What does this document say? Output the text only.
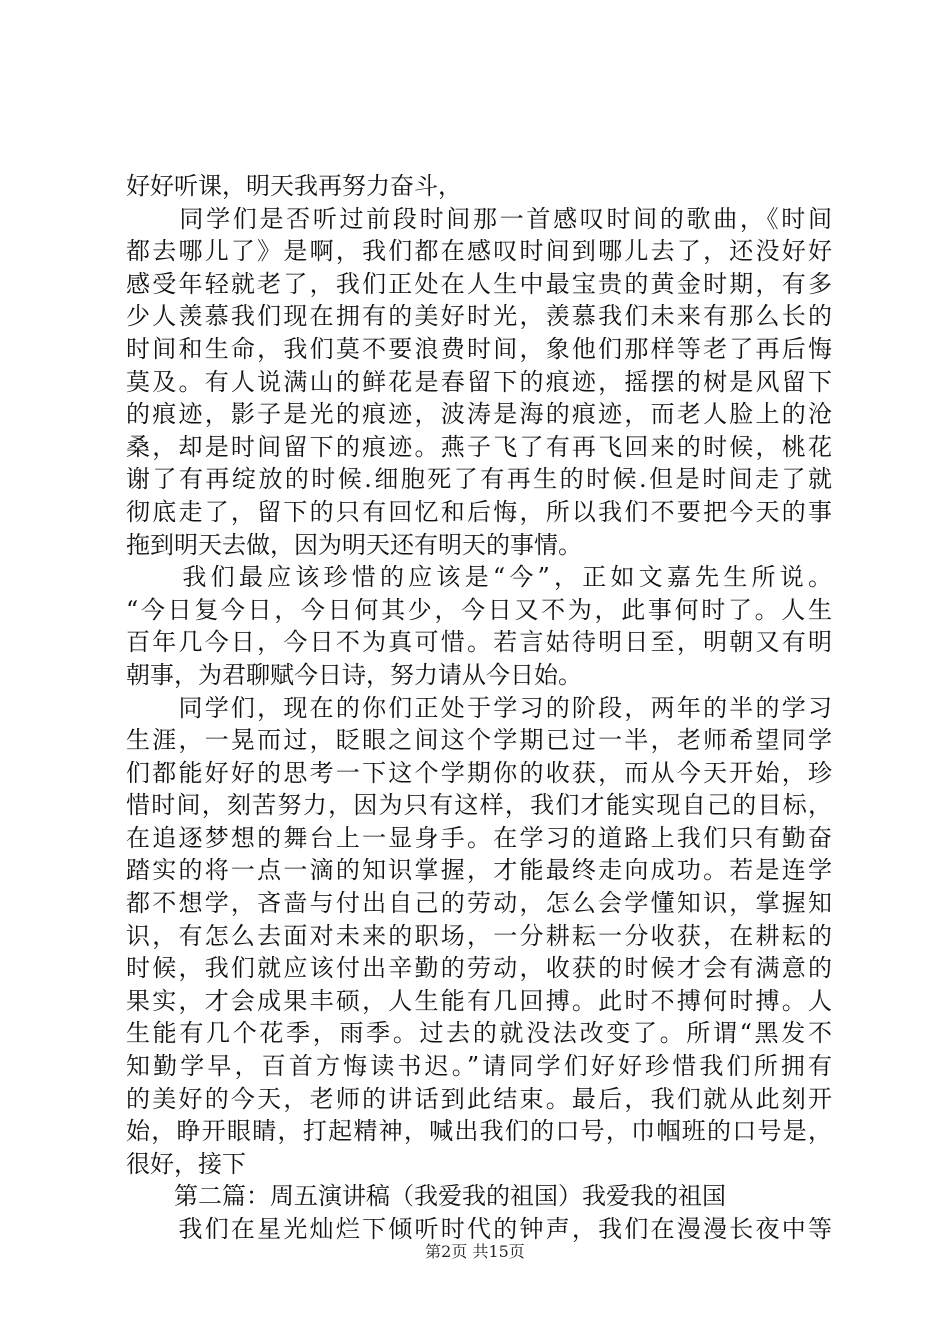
好好听课，明天我再努力奋斗，
　　同学们是否听过前段时间那一首感叹时间的歌曲，《时间
都去哪儿了》是啊，我们都在感叹时间到哪儿去了，还没好好
感受年轻就老了，我们正处在人生中最宝贵的黄金时期，有多
少人羡慕我们现在拥有的美好时光，羡慕我们未来有那么长的
时间和生命，我们莫不要浪费时间，象他们那样等老了再后悔
莫及。有人说满山的鲜花是春留下的痕迹，摇摆的树是风留下
的痕迹，影子是光的痕迹，波涛是海的痕迹，而老人脸上的沧
桑，却是时间留下的痕迹。燕子飞了有再飞回来的时候，桃花
谢了有再绽放的时候.细胞死了有再生的时候.但是时间走了就
彻底走了，留下的只有回忆和后悔，所以我们不要把今天的事
拖到明天去做，因为明天还有明天的事情。
　　我们最应该珍惜的应该是“今”，正如文嘉先生所说。
“今日复今日，今日何其少，今日又不为，此事何时了。人生
百年几今日，今日不为真可惜。若言姑待明日至，明朝又有明
朝事，为君聊赋今日诗，努力请从今日始。
　　同学们，现在的你们正处于学习的阶段，两年的半的学习
生涯，一晃而过，眨眼之间这个学期已过一半，老师希望同学
们都能好好的思考一下这个学期你的收获，而从今天开始，珍
惜时间，刻苦努力，因为只有这样，我们才能实现自己的目标，
在追逐梦想的舞台上一显身手。在学习的道路上我们只有勤奋
踏实的将一点一滴的知识掌握，才能最终走向成功。若是连学
都不想学，吝啬与付出自己的劳动，怎么会学懂知识，掌握知
识，有怎么去面对未来的职场，一分耕耘一分收获，在耕耘的
时候，我们就应该付出辛勤的劳动，收获的时候才会有满意的
果实，才会成果丰硕，人生能有几回搏。此时不搏何时搏。人
生能有几个花季，雨季。过去的就没法改变了。所谓“黑发不
知勤学早，百首方悔读书迟。”请同学们好好珍惜我们所拥有
的美好的今天，老师的讲话到此结束。最后，我们就从此刻开
始，睁开眼睛，打起精神，喊出我们的口号，巾帼班的口号是，
很好，接下
　　第二篇：周五演讲稿（我爱我的祖国）我爱我的祖国
　　我们在星光灿烂下倾听时代的钟声，我们在漫漫长夜中等
第2页 共15页
